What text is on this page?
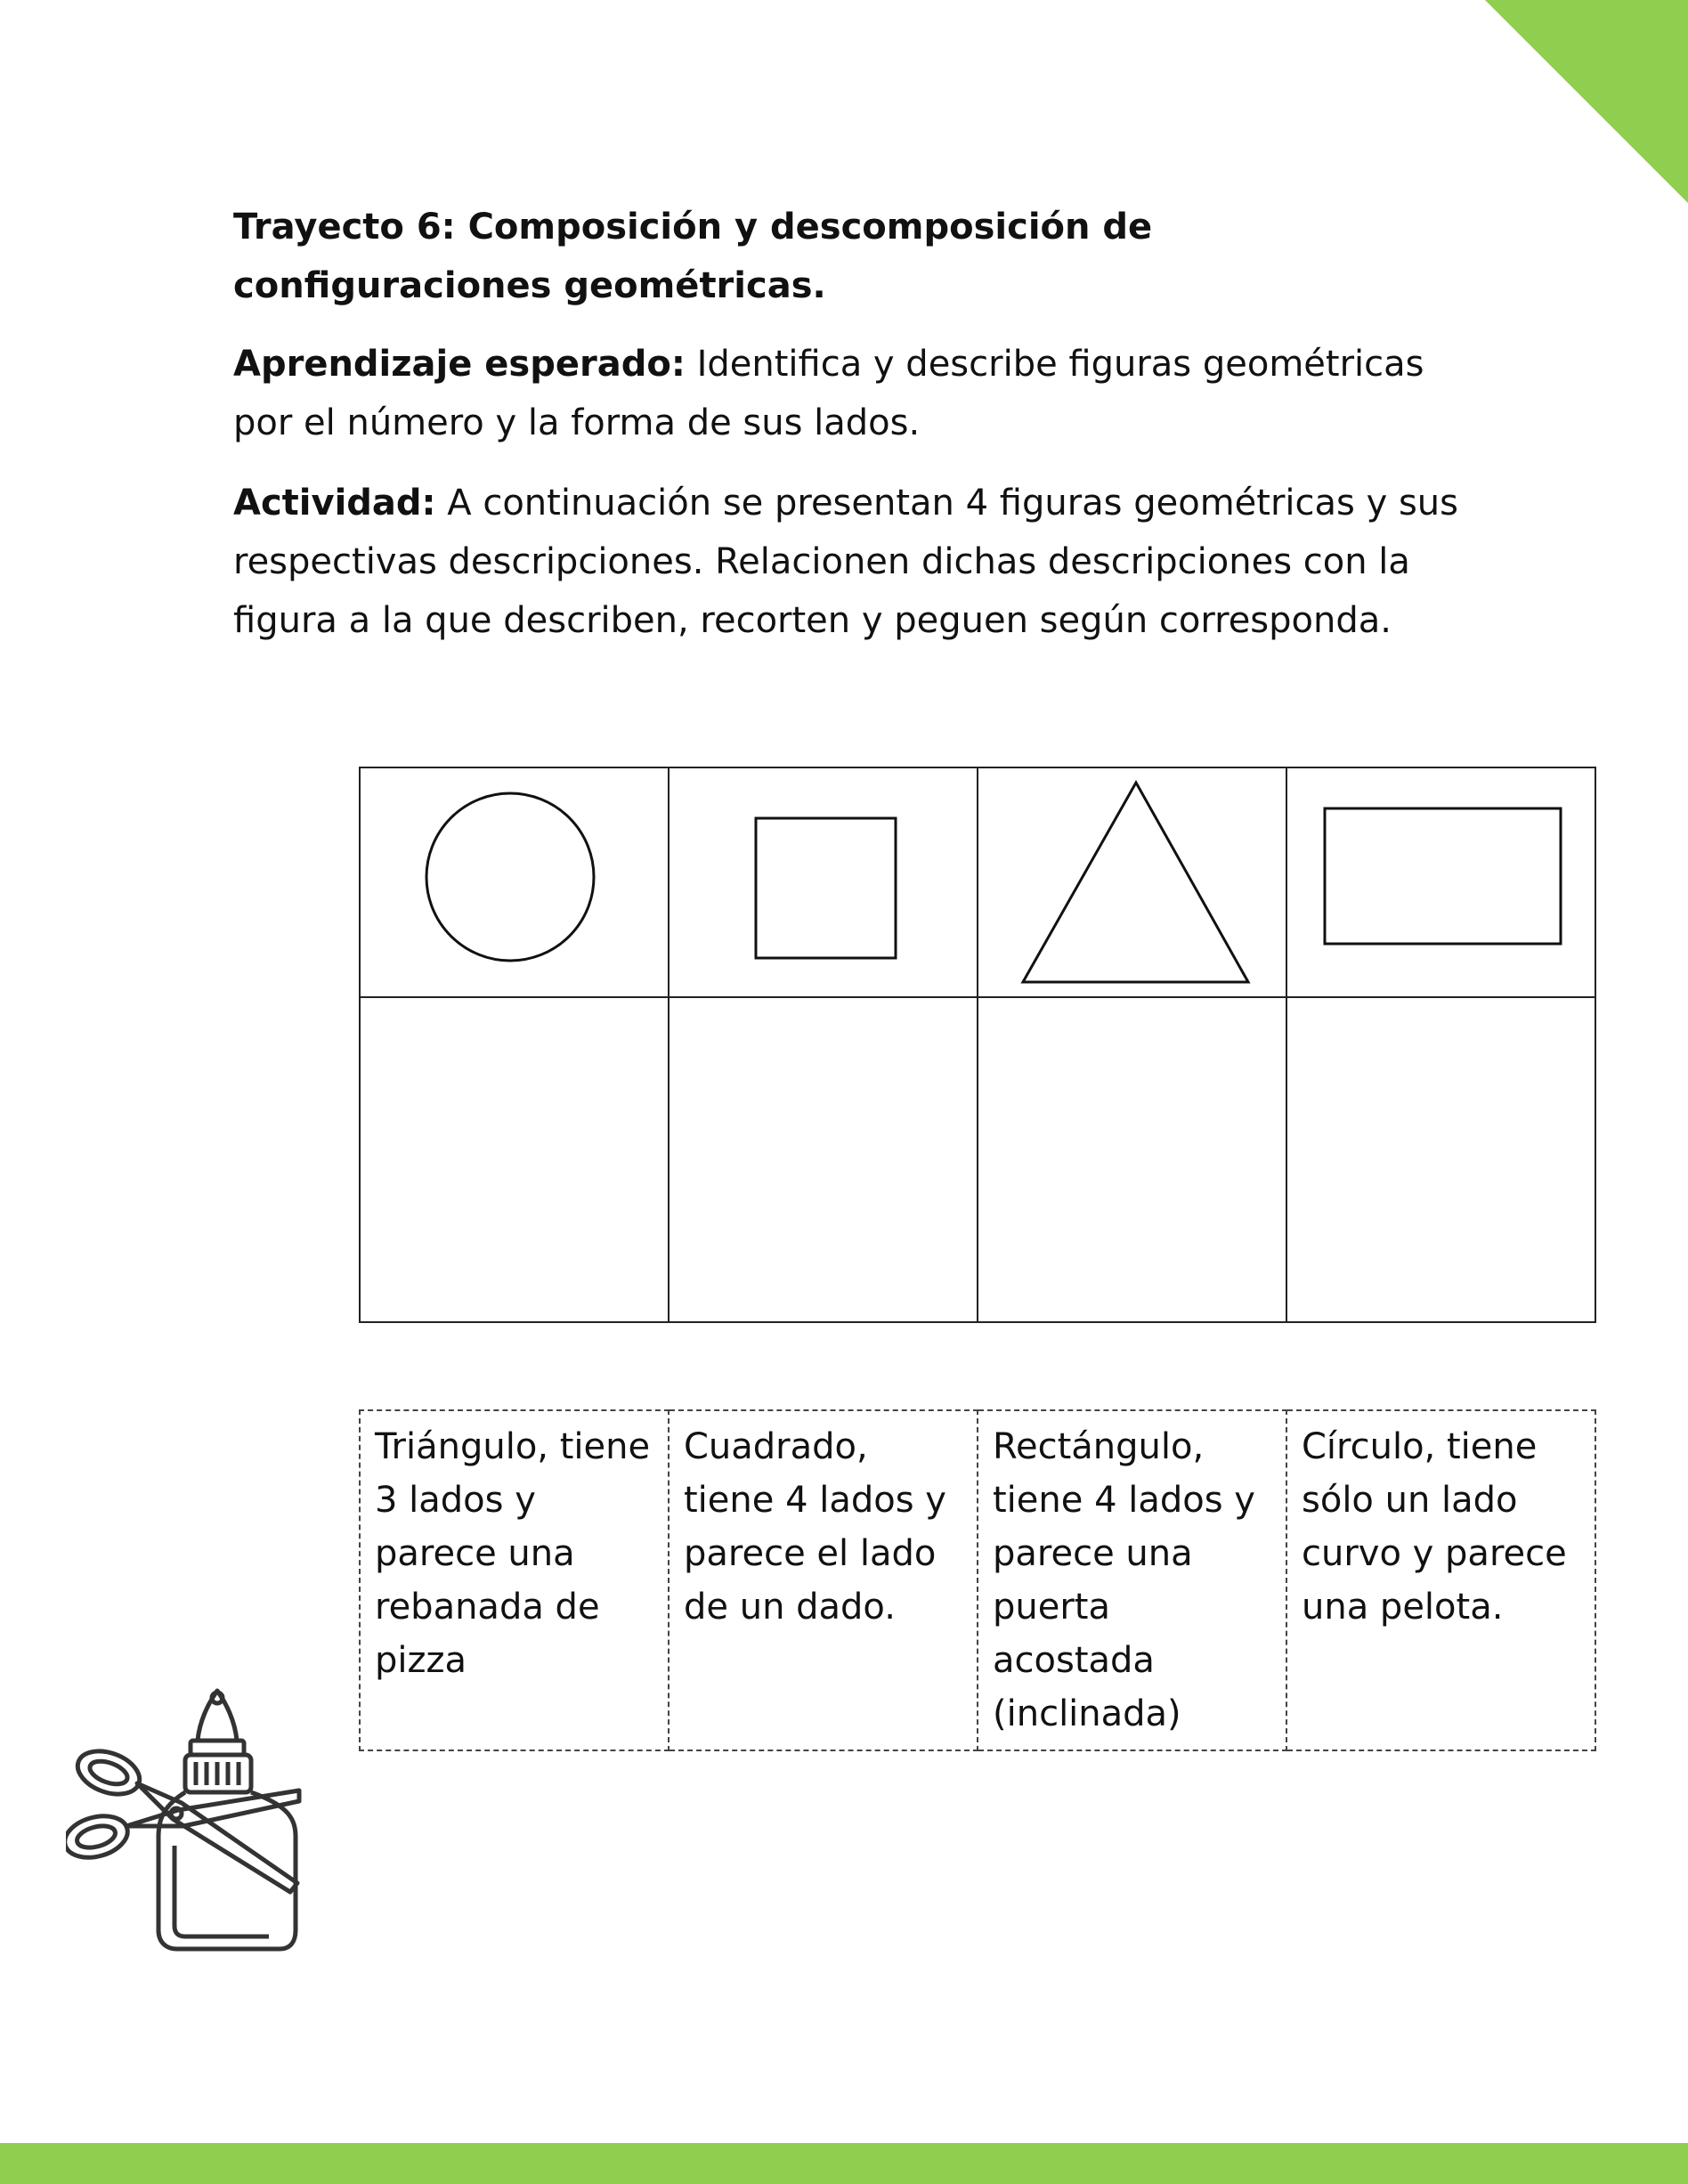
Trayecto 6: Composición y descomposición de configuraciones geométricas.
Aprendizaje esperado: Identifica y describe figuras geométricas por el número y la forma de sus lados.
Actividad: A continuación se presentan 4 figuras geométricas y sus respectivas descripciones. Relacionen dichas descripciones con la figura a la que describen, recorten y peguen según corresponda.

Triángulo, tiene 3 lados y parece una rebanada de pizza	Cuadrado, tiene 4 lados y parece el lado de un dado.	Rectángulo, tiene 4 lados y parece una puerta acostada (inclinada)	Círculo, tiene sólo un lado curvo y parece una pelota.
